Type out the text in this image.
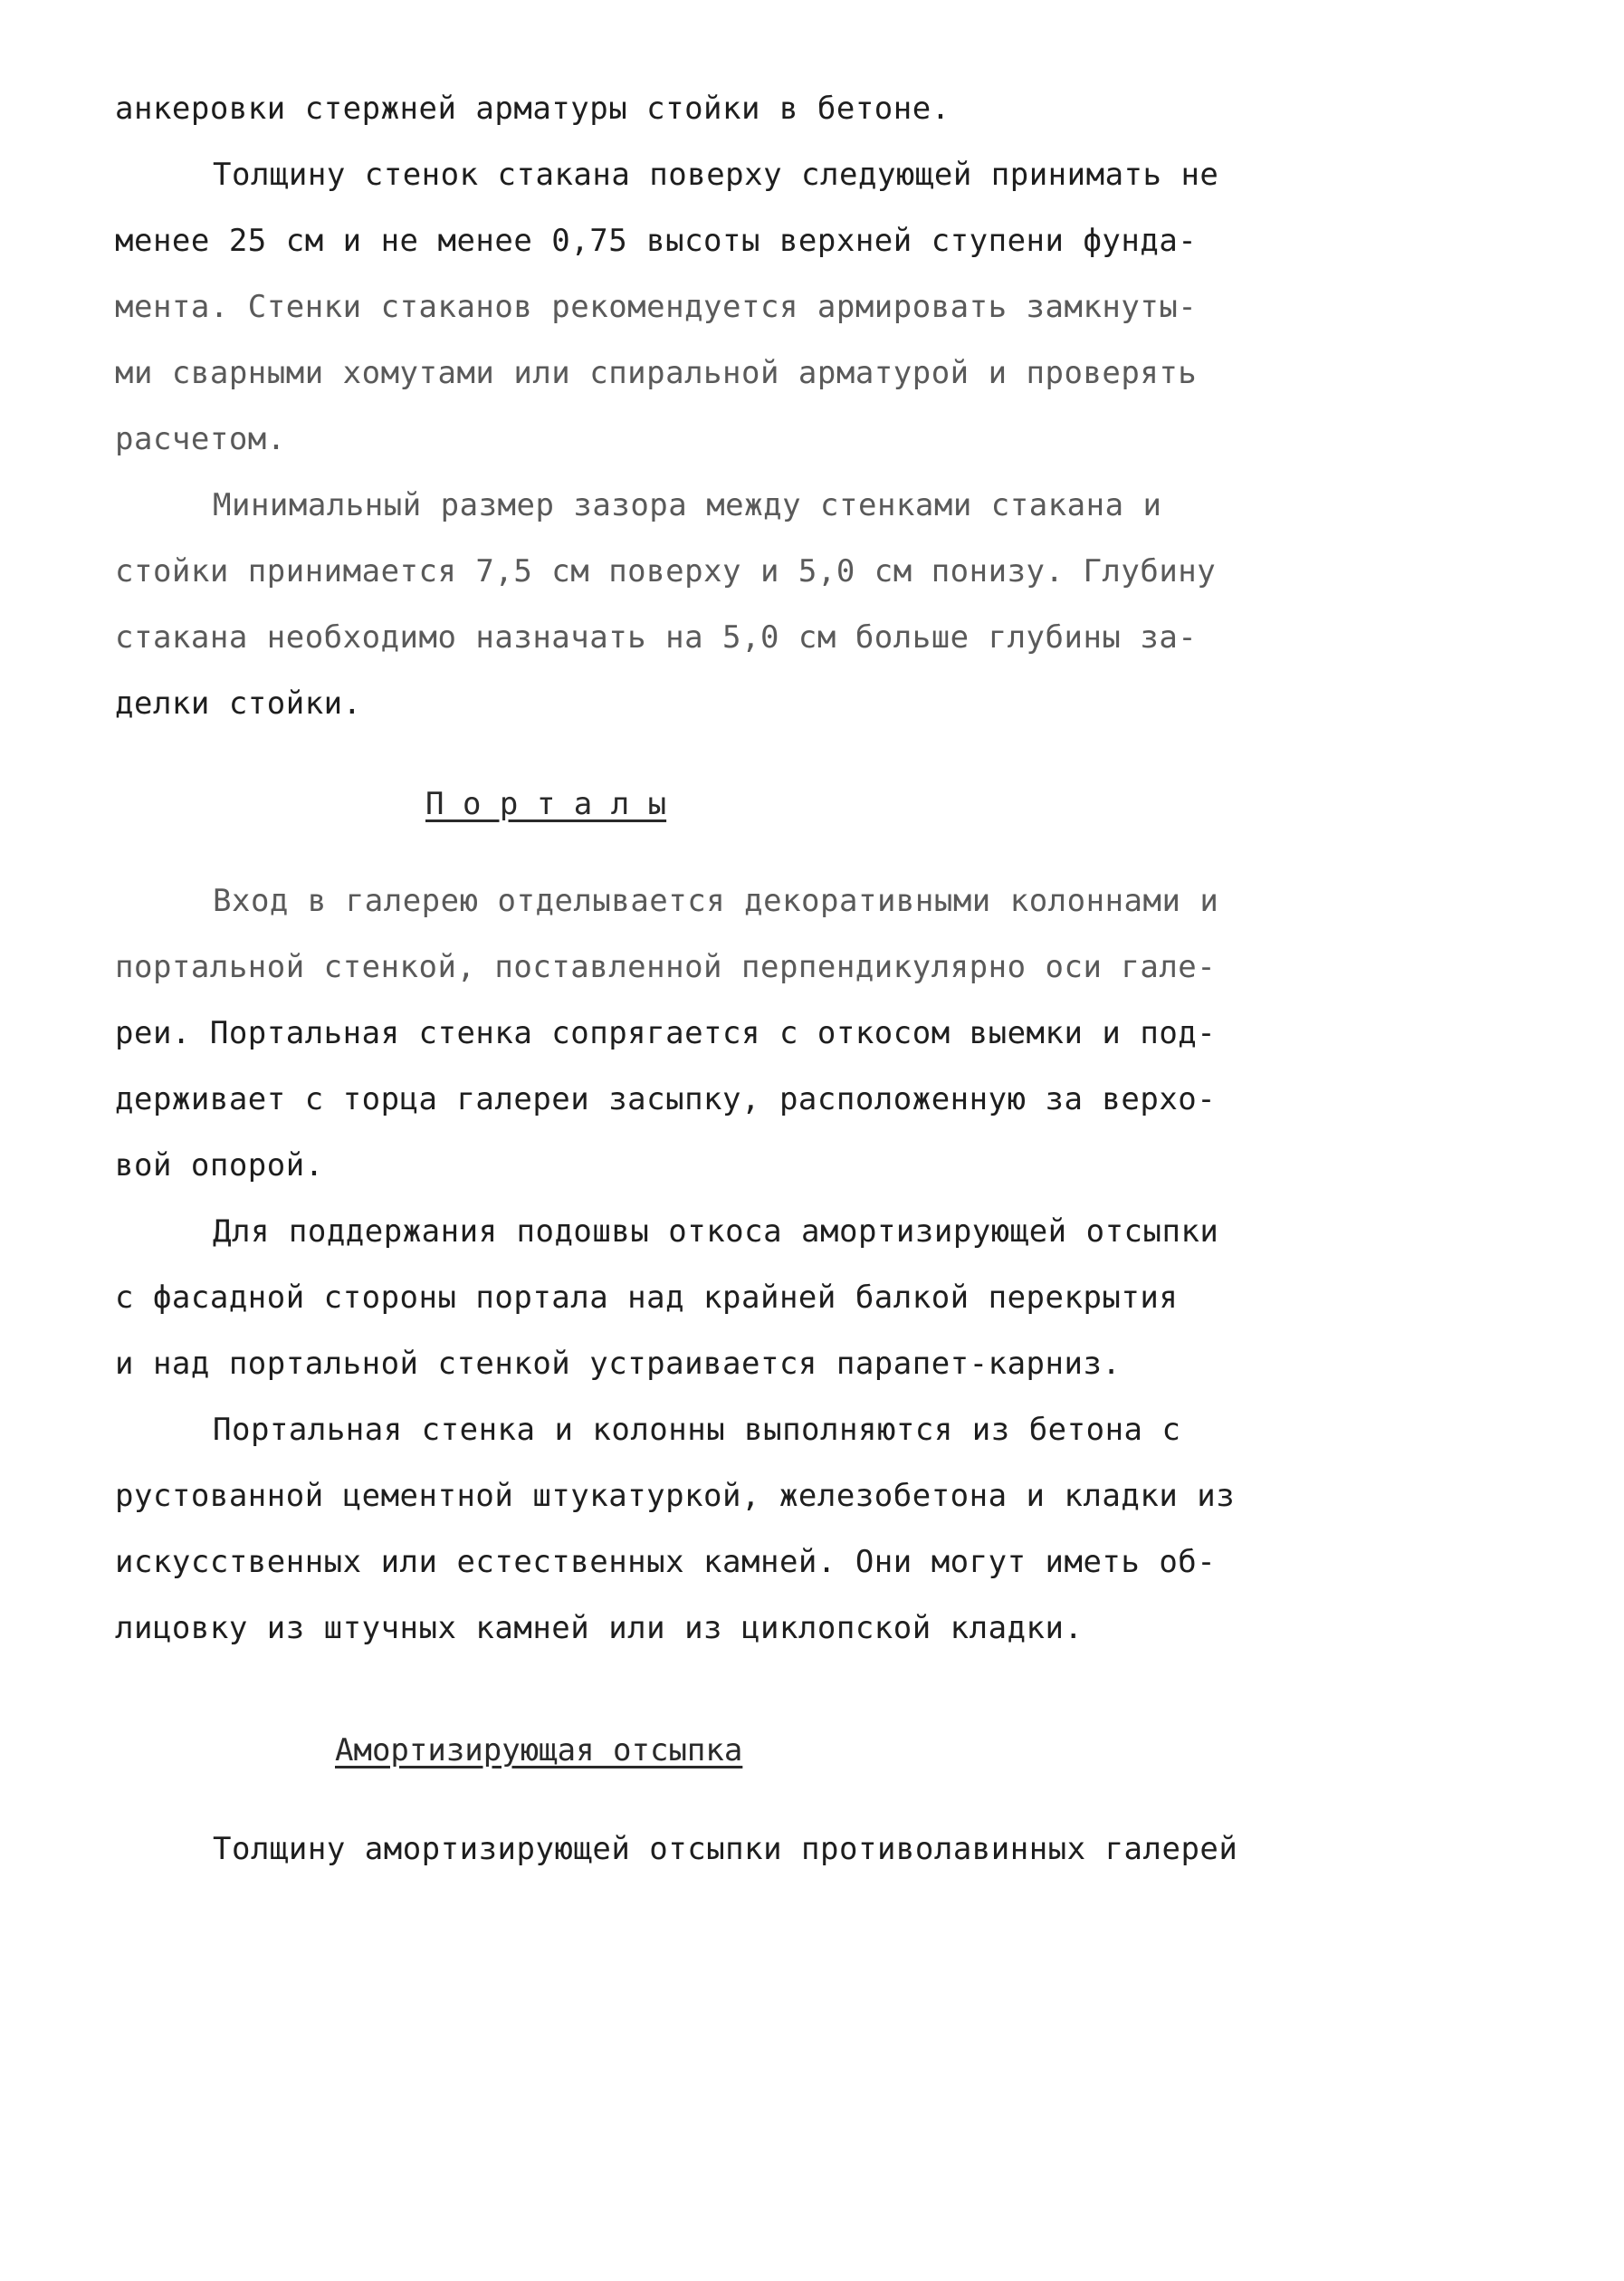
анкеровки стержней арматуры стойки в бетоне.
Толщину стенок стакана поверху следующей принимать не
менее 25 см и не менее 0,75 высоты верхней ступени фунда-
мента. Стенки стаканов рекомендуется армировать замкнуты-
ми сварными хомутами или спиральной арматурой и проверять
расчетом.
Минимальный размер зазора между стенками стакана и
стойки принимается 7,5 см поверху и 5,0 см понизу. Глубину
стакана необходимо назначать на 5,0 см больше глубины за-
делки стойки.
П о р т а л ы
Вход в галерею отделывается декоративными колоннами и
портальной стенкой, поставленной перпендикулярно оси гале-
реи. Портальная стенка сопрягается с откосом выемки и под-
держивает с торца галереи засыпку, расположенную за верхо-
вой опорой.
Для поддержания подошвы откоса амортизирующей отсыпки
с фасадной стороны портала над крайней балкой перекрытия
и над портальной стенкой устраивается парапет-карниз.
Портальная стенка и колонны выполняются из бетона с
рустованной цементной штукатуркой, железобетона и кладки из
искусственных или естественных камней. Они могут иметь об-
лицовку из штучных камней или из циклопской кладки.
Амортизирующая отсыпка
Толщину амортизирующей отсыпки противолавинных галерей
